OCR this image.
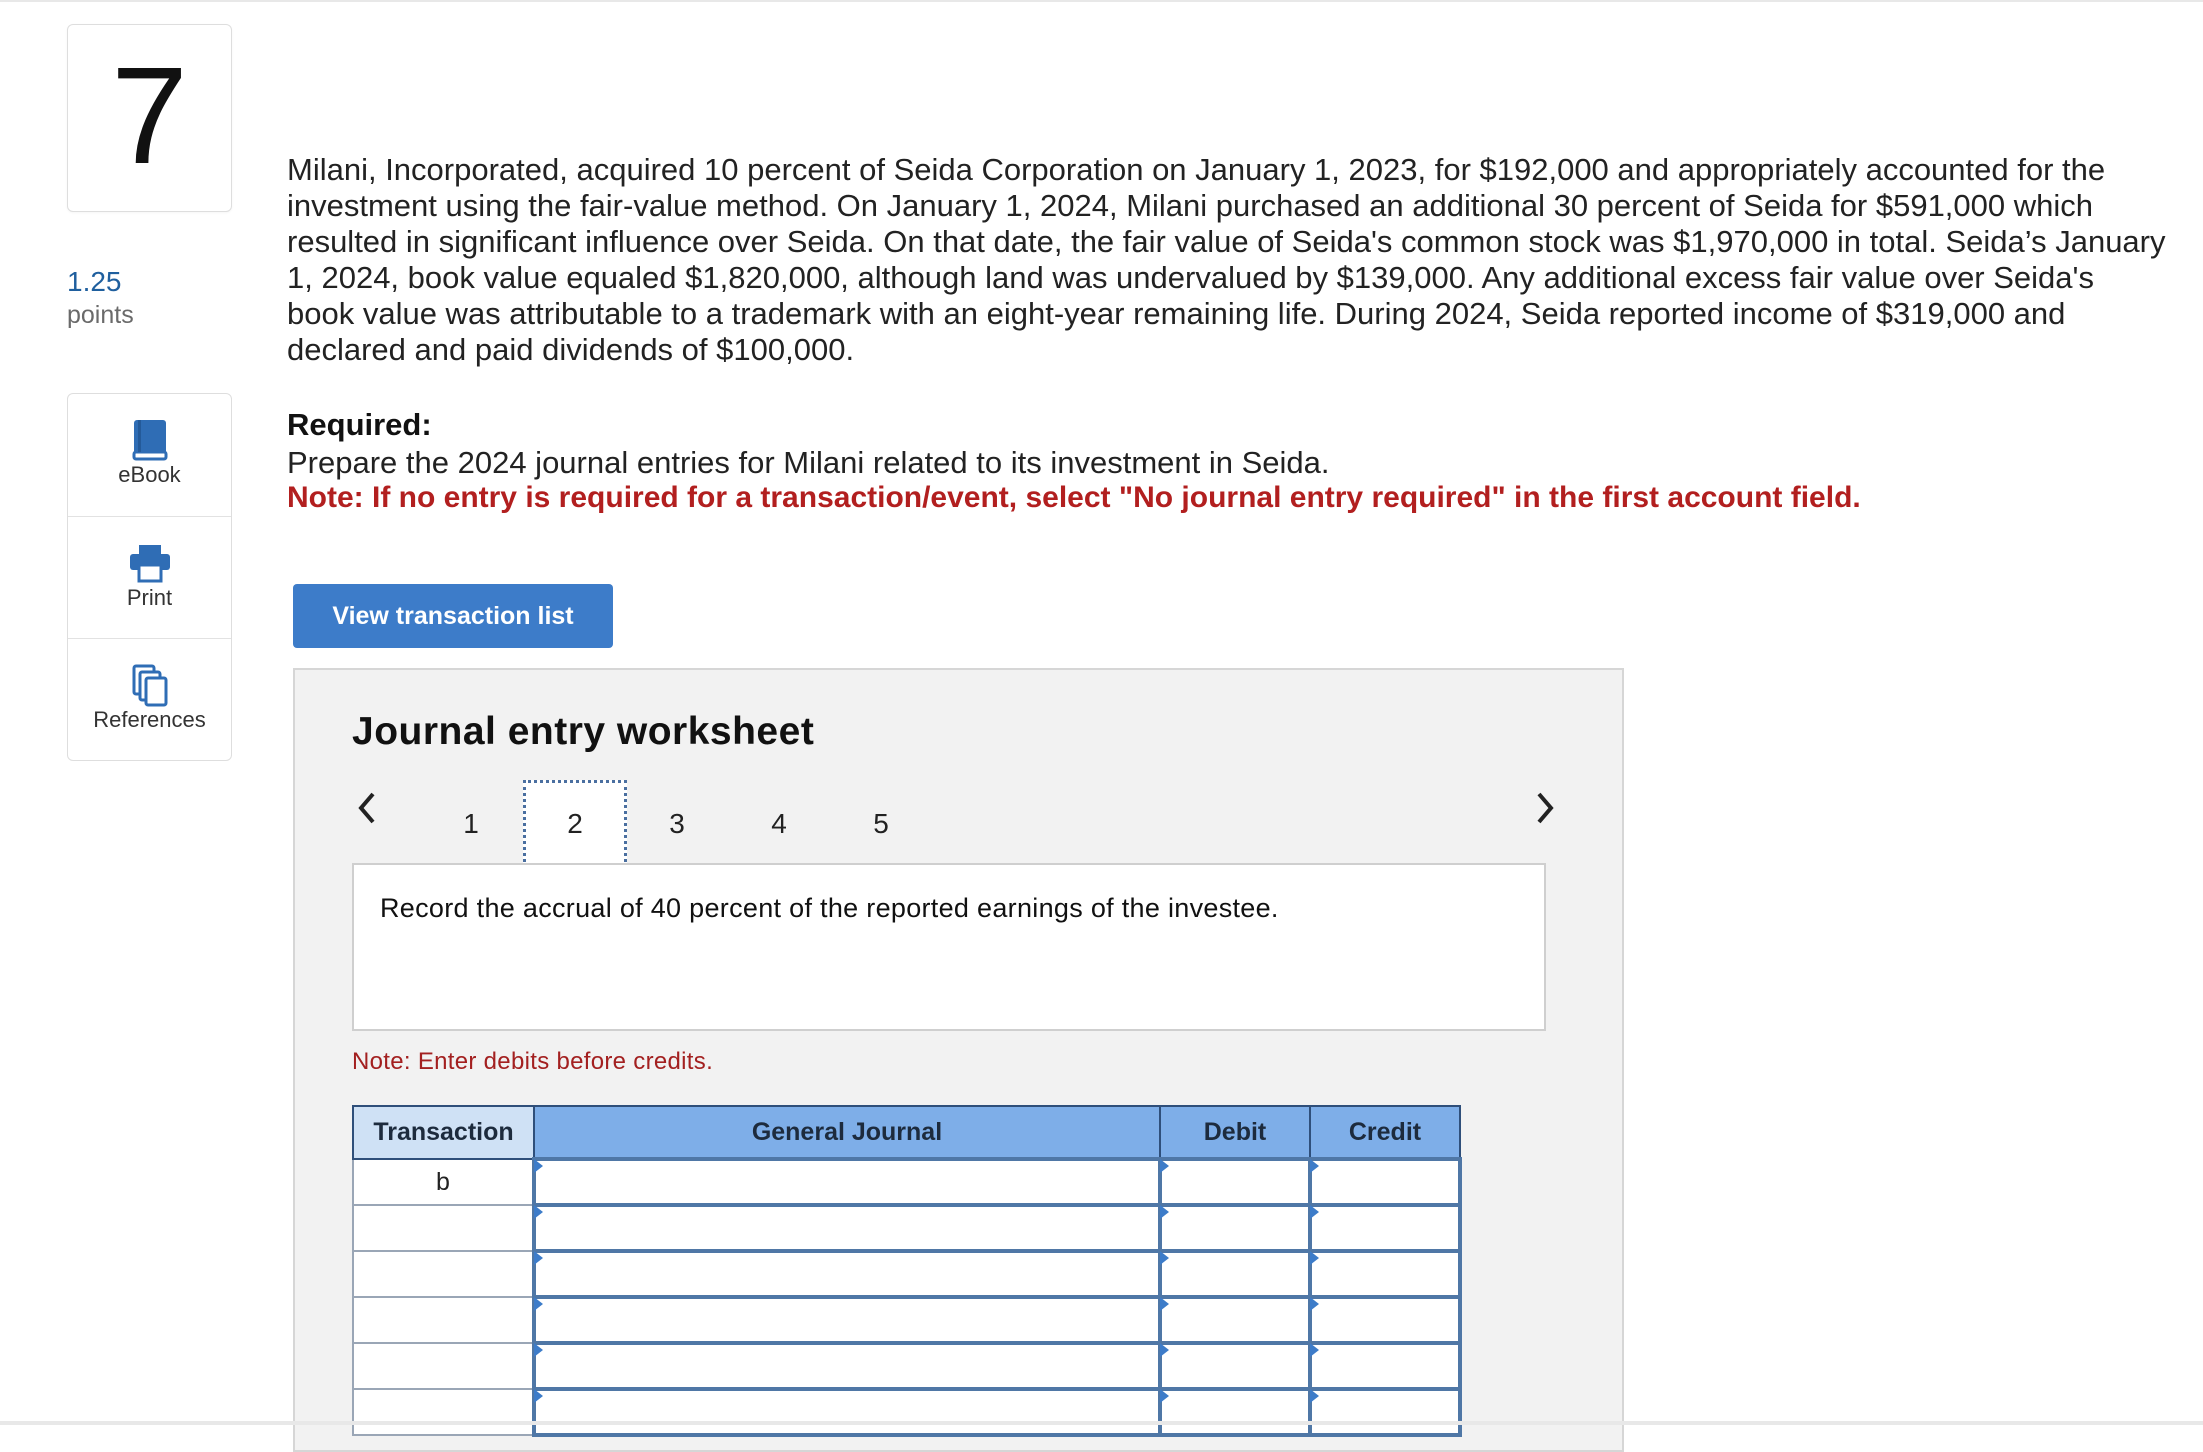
7
1.25
points
eBook
Print
References
Milani, Incorporated, acquired 10 percent of Seida Corporation on January 1, 2023, for $192,000 and appropriately accounted for the investment using the fair-value method. On January 1, 2024, Milani purchased an additional 30 percent of Seida for $591,000 which resulted in significant influence over Seida. On that date, the fair value of Seida's common stock was $1,970,000 in total. Seida’s January 1, 2024, book value equaled $1,820,000, although land was undervalued by $139,000. Any additional excess fair value over Seida's book value was attributable to a trademark with an eight-year remaining life. During 2024, Seida reported income of $319,000 and declared and paid dividends of $100,000.
Required:
Prepare the 2024 journal entries for Milani related to its investment in Seida.
Note: If no entry is required for a transaction/event, select "No journal entry required" in the first account field.
View transaction list
Journal entry worksheet
1	2	3	4	5
Record the accrual of 40 percent of the reported earnings of the investee.
Note: Enter debits before credits.
Transaction	General Journal	Debit	Credit
b			
